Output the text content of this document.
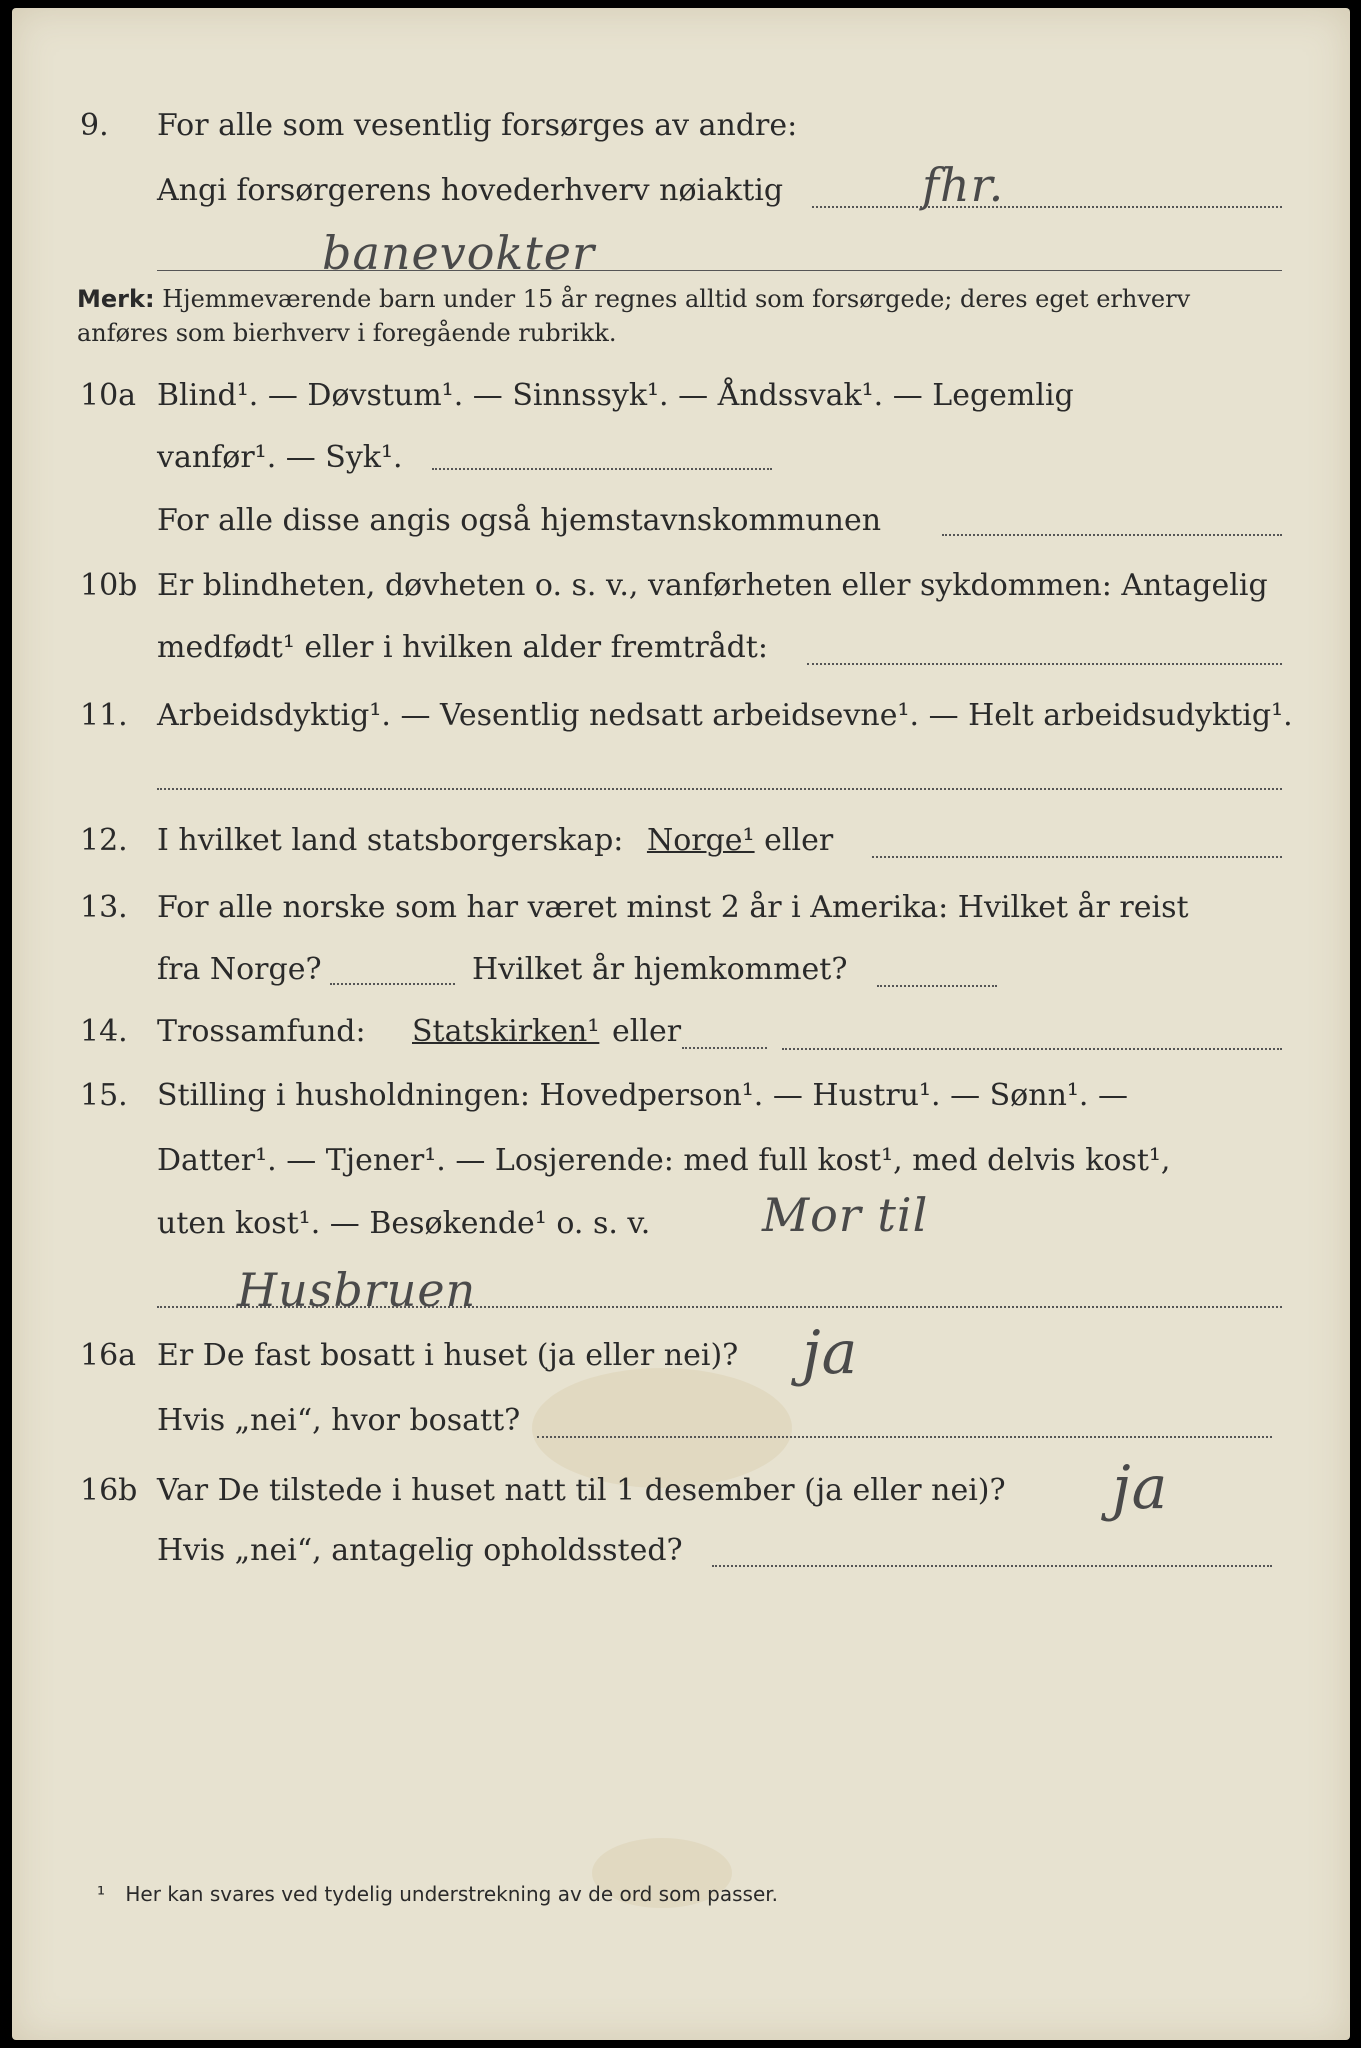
9. For alle som vesentlig forsørges av andre:
Angi forsørgerens hovederhverv nøiaktig	fhr.
banevokter
Merk: Hjemmeværende barn under 15 år regnes alltid som forsørgede; deres eget erhverv anføres som bierhverv i foregående rubrikk.
10a Blind¹. — Døvstum¹. — Sinnssyk¹. — Åndssvak¹. — Legemlig
vanfør¹. — Syk¹.
For alle disse angis også hjemstavnskommunen
10b Er blindheten, døvheten o. s. v., vanførheten eller sykdommen: Antagelig
medfødt¹ eller i hvilken alder fremtrådt:
11. Arbeidsdyktig¹. — Vesentlig nedsatt arbeidsevne¹. — Helt arbeidsudyktig¹.
12. I hvilket land statsborgerskap: Norge¹ eller
13. For alle norske som har været minst 2 år i Amerika: Hvilket år reist
fra Norge?	Hvilket år hjemkommet?
14. Trossamfund: Statskirken¹ eller
15. Stilling i husholdningen: Hovedperson¹. — Hustru¹. — Sønn¹. —
Datter¹. — Tjener¹. — Losjerende: med full kost¹, med delvis kost¹,
uten kost¹. — Besøkende¹ o. s. v. Mor til
Husbruen
16a Er De fast bosatt i huset (ja eller nei)? ja
Hvis „nei“, hvor bosatt?
16b Var De tilstede i huset natt til 1 desember (ja eller nei)? ja
Hvis „nei“, antagelig opholdssted?
¹ Her kan svares ved tydelig understrekning av de ord som passer.
